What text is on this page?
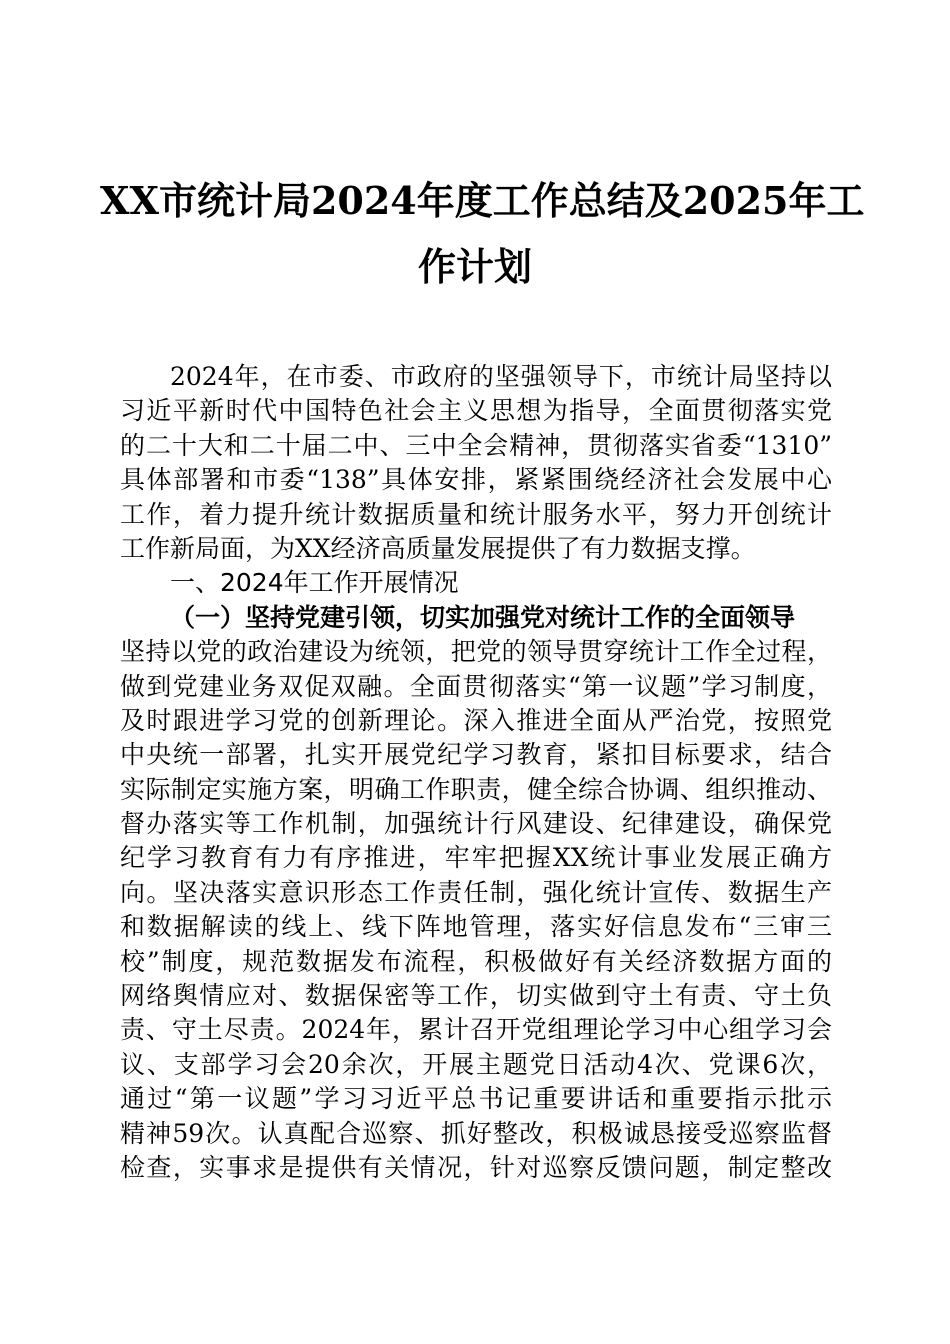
XX市统计局2024年度工作总结及2025年工
作计划
2024年，在市委、市政府的坚强领导下，市统计局坚持以
习近平新时代中国特色社会主义思想为指导，全面贯彻落实党
的二十大和二十届二中、三中全会精神，贯彻落实省委“1310”
具体部署和市委“138”具体安排，紧紧围绕经济社会发展中心
工作，着力提升统计数据质量和统计服务水平，努力开创统计
工作新局面，为XX经济高质量发展提供了有力数据支撑。
一、2024年工作开展情况
（一）坚持党建引领，切实加强党对统计工作的全面领导
坚持以党的政治建设为统领，把党的领导贯穿统计工作全过程，
做到党建业务双促双融。全面贯彻落实“第一议题”学习制度，
及时跟进学习党的创新理论。深入推进全面从严治党，按照党
中央统一部署，扎实开展党纪学习教育，紧扣目标要求，结合
实际制定实施方案，明确工作职责，健全综合协调、组织推动、
督办落实等工作机制，加强统计行风建设、纪律建设，确保党
纪学习教育有力有序推进，牢牢把握XX统计事业发展正确方
向。坚决落实意识形态工作责任制，强化统计宣传、数据生产
和数据解读的线上、线下阵地管理，落实好信息发布“三审三
校”制度，规范数据发布流程，积极做好有关经济数据方面的
网络舆情应对、数据保密等工作，切实做到守土有责、守土负
责、守土尽责。2024年，累计召开党组理论学习中心组学习会
议、支部学习会20余次，开展主题党日活动4次、党课6次，
通过“第一议题”学习习近平总书记重要讲话和重要指示批示
精神59次。认真配合巡察、抓好整改，积极诚恳接受巡察监督
检查，实事求是提供有关情况，针对巡察反馈问题，制定整改
